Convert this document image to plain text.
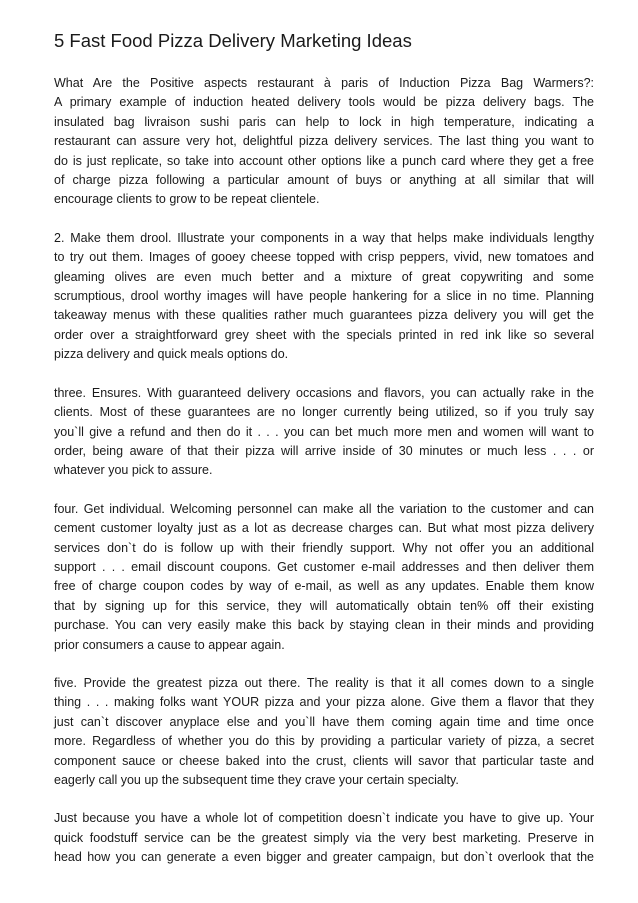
5 Fast Food Pizza Delivery Marketing Ideas
What Are the Positive aspects restaurant à paris of Induction Pizza Bag Warmers?:
A primary example of induction heated delivery tools would be pizza delivery bags. The
insulated bag livraison sushi paris can help to lock in high temperature, indicating a
restaurant can assure very hot, delightful pizza delivery services. The last thing you want to
do is just replicate, so take into account other options like a punch card where they get a free
of charge pizza following a particular amount of buys or anything at all similar that will
encourage clients to grow to be repeat clientele.
2. Make them drool. Illustrate your components in a way that helps make individuals lengthy
to try out them. Images of gooey cheese topped with crisp peppers, vivid, new tomatoes and
gleaming olives are even much better and a mixture of great copywriting and some
scrumptious, drool worthy images will have people hankering for a slice in no time. Planning
takeaway menus with these qualities rather much guarantees pizza delivery you will get the
order over a straightforward grey sheet with the specials printed in red ink like so several
pizza delivery and quick meals options do.
three. Ensures. With guaranteed delivery occasions and flavors, you can actually rake in the
clients. Most of these guarantees are no longer currently being utilized, so if you truly say
you`ll give a refund and then do it . . . you can bet much more men and women will want to
order, being aware of that their pizza will arrive inside of 30 minutes or much less . . . or
whatever you pick to assure.
four. Get individual. Welcoming personnel can make all the variation to the customer and can
cement customer loyalty just as a lot as decrease charges can. But what most pizza delivery
services don`t do is follow up with their friendly support. Why not offer you an additional
support . . . email discount coupons. Get customer e-mail addresses and then deliver them
free of charge coupon codes by way of e-mail, as well as any updates. Enable them know
that by signing up for this service, they will automatically obtain ten% off their existing
purchase. You can very easily make this back by staying clean in their minds and providing
prior consumers a cause to appear again.
five. Provide the greatest pizza out there. The reality is that it all comes down to a single
thing . . . making folks want YOUR pizza and your pizza alone. Give them a flavor that they
just can`t discover anyplace else and you`ll have them coming again time and time once
more. Regardless of whether you do this by providing a particular variety of pizza, a secret
component sauce or cheese baked into the crust, clients will savor that particular taste and
eagerly call you up the subsequent time they crave your certain specialty.
Just because you have a whole lot of competition doesn`t indicate you have to give up. Your
quick foodstuff service can be the greatest simply via the very best marketing. Preserve in
head how you can generate a even bigger and greater campaign, but don`t overlook that the
